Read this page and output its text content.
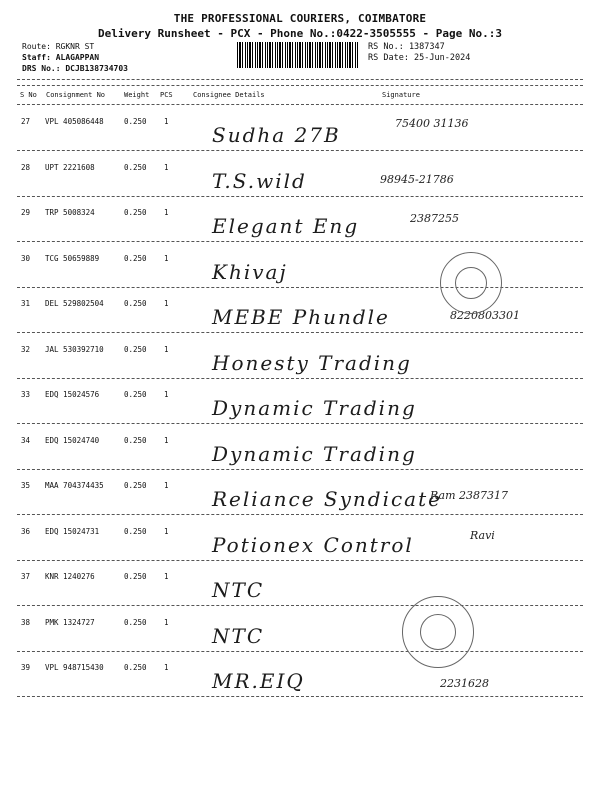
THE PROFESSIONAL COURIERS, COIMBATORE
Delivery Runsheet - PCX - Phone No.:0422-3505555 - Page No.:3
Route: RGKNR ST
Staff: ALAGAPPAN
DRS No.: DCJB138734703
RS No.: 1387347
RS Date: 25-Jun-2024
S No Consignment No	Weight PCS	Consignee Details	Signature
27 VPL 405086448	0.250 1
Sudha 27B	75400 31136
28 UPT 2221608	0.250 1
T.S.wild	98945-21786
29 TRP 5008324	0.250 1
Elegant Eng	2387255
30 TCG 50659889	0.250 1
Khivaj
31 DEL 529802504	0.250 1
MEBE Phundle	8220803301
32 JAL 530392710	0.250 1
Honesty Trading
33 EDQ 15024576	0.250 1
Dynamic Trading
34 EDQ 15024740	0.250 1
Dynamic Trading
35 MAA 704374435	0.250 1
Reliance Syndicate
Ram 2387317
36 EDQ 15024731	0.250 1
Potionex Control	Ravi
37 KNR 1240276	0.250 1
NTC
38 PMK 1324727	0.250 1
NTC
39 VPL 948715430	0.250 1
MR.EIQ	2231628
